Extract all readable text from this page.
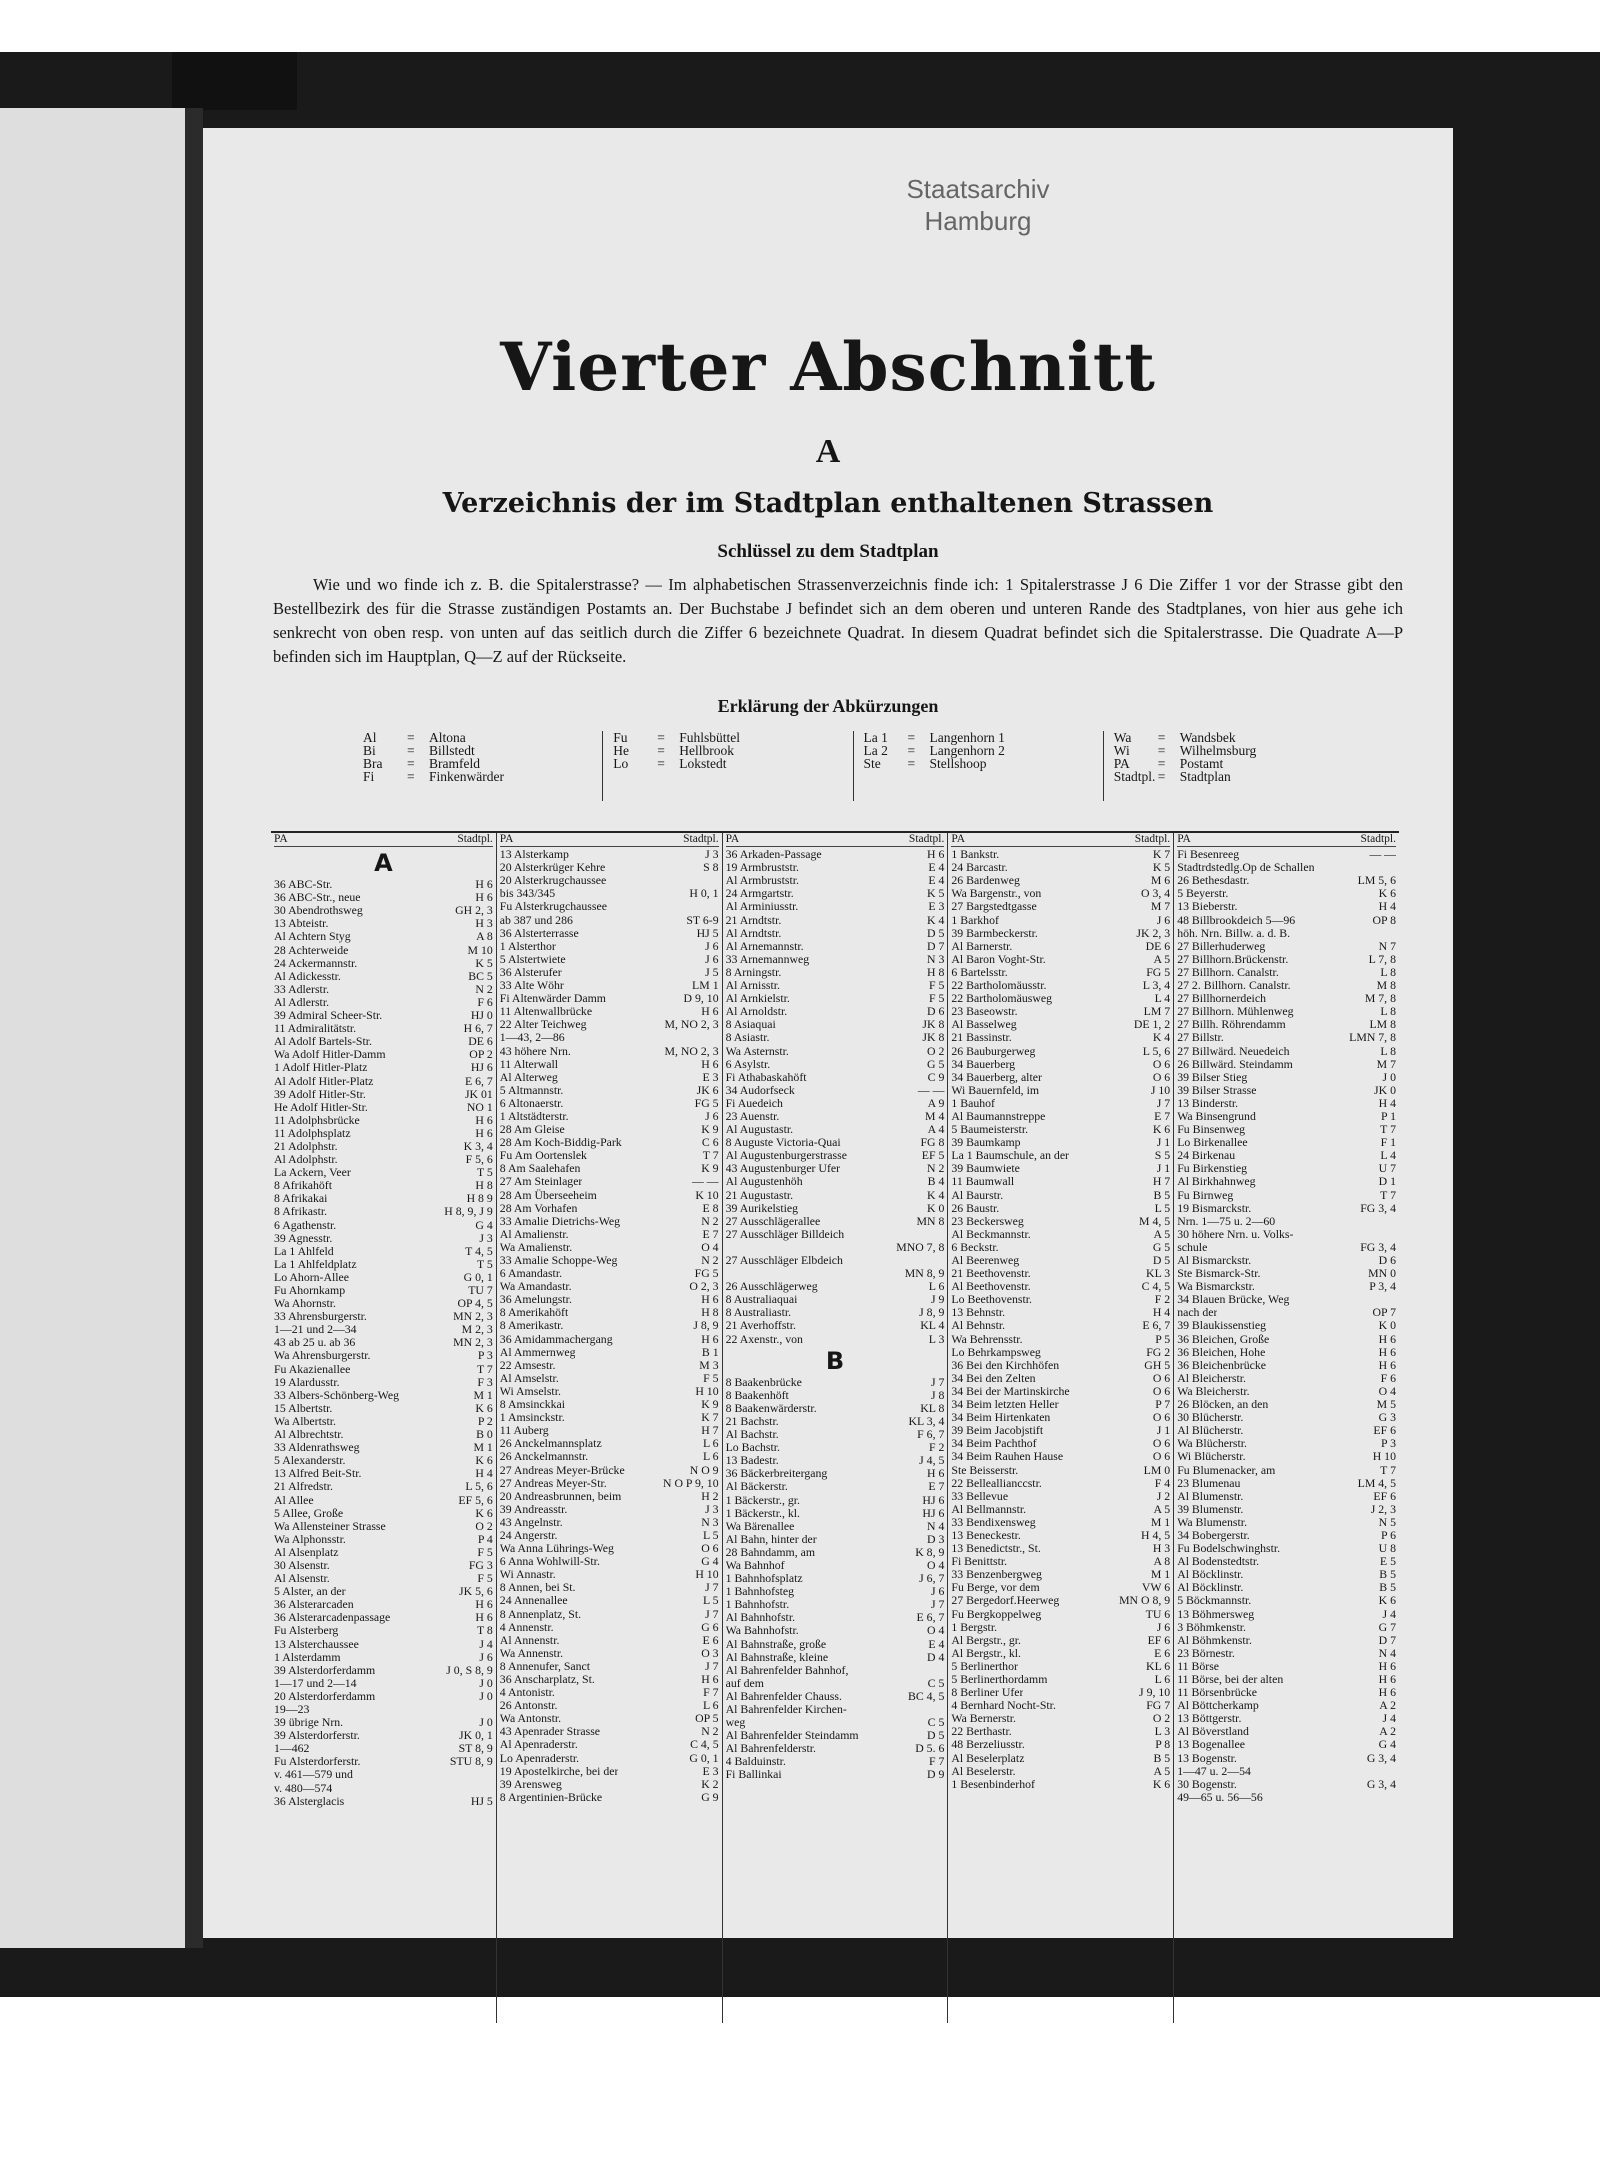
Staatsarchiv
Hamburg
Vierter Abschnitt
A
Verzeichnis der im Stadtplan enthaltenen Strassen
Schlüssel zu dem Stadtplan

Wie und wo finde ich z. B. die Spitalerstrasse? — Im alphabetischen Strassenverzeichnis finde ich: 1 Spitalerstrasse J 6 Die Ziffer 1 vor der Strasse gibt den Bestellbezirk des für die Strasse zuständigen Postamts an. Der Buchstabe J befindet sich an dem oberen und unteren Rande des Stadtplanes, von hier aus gehe ich senkrecht von oben resp. von unten auf das seitlich durch die Ziffer 6 bezeichnete Quadrat. In diesem Quadrat befindet sich die Spitalerstrasse. Die Quadrate A—P befinden sich im Hauptplan, Q—Z auf der Rückseite.

Erklärung der Abkürzungen
Al	=	Altona
Bi	=	Billstedt
Bra	=	Bramfeld
Fi	=	Finkenwärder
Fu	=	Fuhlsbüttel
He	=	Hellbrook
Lo	=	Lokstedt
La 1	=	Langenhorn 1
La 2	=	Langenhorn 2
Ste	=	Stellshoop
Wa	=	Wandsbek
Wi	=	Wilhelmsburg
PA	=	Postamt
Stadtpl. =	Stadtplan
PA	Stadtpl.
A
36 ABC-Str.	H 6
36 ABC-Str., neue	H 6
30 Abendrothsweg	GH 2, 3
13 Abteistr.	H 3
Al Achtern Styg	A 8
28 Achterweide	M 10
24 Ackermannstr.	K 5
Al Adickesstr.	BC 5
33 Adlerstr.	N 2
Al Adlerstr.	F 6
39 Admiral Scheer-Str.	HJ 0
11 Admiralitätstr.	H 6, 7
Al Adolf Bartels-Str.	DE 6
Wa Adolf Hitler-Damm	OP 2
1 Adolf Hitler-Platz	HJ 6
Al Adolf Hitler-Platz	E 6, 7
39 Adolf Hitler-Str.	JK 01
He Adolf Hitler-Str.	NO 1
11 Adolphsbrücke	H 6
11 Adolphsplatz	H 6
21 Adolphstr.	K 3, 4
Al Adolphstr.	F 5, 6
La Ackern, Veer	T 5
8 Afrikahöft	H 8
8 Afrikakai	H 8 9
8 Afrikastr.	H 8, 9, J 9
6 Agathenstr.	G 4
39 Agnesstr.	J 3
La 1 Ahlfeld	T 4, 5
La 1 Ahlfeldplatz	T 5
Lo Ahorn-Allee	G 0, 1
Fu Ahornkamp	TU 7
Wa Ahornstr.	OP 4, 5
33 Ahrensburgerstr.	MN 2, 3
1—21 und 2—34	M 2, 3
43 ab 25 u. ab 36	MN 2, 3
Wa Ahrensburgerstr.	P 3
Fu Akazienallee	T 7
19 Alardusstr.	F 3
33 Albers-Schönberg-Weg	M 1
15 Albertstr.	K 6
Wa Albertstr.	P 2
Al Albrechtstr.	B 0
33 Aldenrathsweg	M 1
5 Alexanderstr.	K 6
13 Alfred Beit-Str.	H 4
21 Alfredstr.	L 5, 6
Al Allee	EF 5, 6
5 Allee, Große	K 6
Wa Allensteiner Strasse	O 2
Wa Alphonsstr.	P 4
Al Alsenplatz	F 5
30 Alsenstr.	FG 3
Al Alsenstr.	F 5
5 Alster, an der	JK 5, 6
36 Alsterarcaden	H 6
36 Alsterarcadenpassage	H 6
Fu Alsterberg	T 8
13 Alsterchaussee	J 4
1 Alsterdamm	J 6
39 Alsterdorferdamm	J 0, S 8, 9
1—17 und 2—14	J 0
20 Alsterdorferdamm	J 0
19—23
39 übrige Nrn.	J 0
39 Alsterdorferstr.	JK 0, 1
1—462	ST 8, 9
Fu Alsterdorferstr.	STU 8, 9
v. 461—579 und
v. 480—574
36 Alsterglacis	HJ 5
PA	Stadtpl.
13 Alsterkamp	J 3
20 Alsterkrüger Kehre	S 8
20 Alsterkrugchaussee
bis 343/345	H 0, 1
Fu Alsterkrugchaussee
ab 387 und 286	ST 6-9
36 Alsterterrasse	HJ 5
1 Alsterthor	J 6
5 Alstertwiete	J 6
36 Alsterufer	J 5
33 Alte Wöhr	LM 1
Fi Altenwärder Damm	D 9, 10
11 Altenwallbrücke	H 6
22 Alter Teichweg	M, NO 2, 3
1—43, 2—86
43 höhere Nrn.	M, NO 2, 3
11 Alterwall	H 6
Al Alterweg	E 3
5 Altmannstr.	JK 6
6 Altonaerstr.	FG 5
1 Altstädterstr.	J 6
28 Am Gleise	K 9
28 Am Koch-Biddig-Park	C 6
Fu Am Oortenslek	T 7
8 Am Saalehafen	K 9
27 Am Steinlager	— —
28 Am Überseeheim	K 10
28 Am Vorhafen	E 8
33 Amalie Dietrichs-Weg	N 2
Al Amalienstr.	E 7
Wa Amalienstr.	O 4
33 Amalie Schoppe-Weg	N 2
6 Amandastr.	FG 5
Wa Amandastr.	O 2, 3
36 Amelungstr.	H 6
8 Amerikahöft	H 8
8 Amerikastr.	J 8, 9
36 Amidammachergang	H 6
Al Ammernweg	B 1
22 Amsestr.	M 3
Al Amselstr.	F 5
Wi Amselstr.	H 10
8 Amsinckkai	K 9
1 Amsinckstr.	K 7
11 Auberg	H 7
26 Anckelmannsplatz	L 6
26 Anckelmannstr.	L 6
27 Andreas Meyer-Brücke	N O 9
27 Andreas Meyer-Str.	N O P 9, 10
20 Andreasbrunnen, beim	H 2
39 Andreasstr.	J 3
43 Angelnstr.	N 3
24 Angerstr.	L 5
Wa Anna Lührings-Weg	O 6
6 Anna Wohlwill-Str.	G 4
Wi Annastr.	H 10
8 Annen, bei St.	J 7
24 Annenallee	L 5
8 Annenplatz, St.	J 7
4 Annenstr.	G 6
Al Annenstr.	E 6
Wa Annenstr.	O 3
8 Annenufer, Sanct	J 7
36 Anscharplatz, St.	H 6
4 Antonistr.	F 7
26 Antonstr.	L 6
Wa Antonstr.	OP 5
43 Apenrader Strasse	N 2
Al Apenraderstr.	C 4, 5
Lo Apenraderstr.	G 0, 1
19 Apostelkirche, bei der	E 3
39 Arensweg	K 2
8 Argentinien-Brücke	G 9
PA	Stadtpl.
36 Arkaden-Passage	H 6
19 Armbruststr.	E 4
Al Armbruststr.	E 4
24 Armgartstr.	K 5
Al Arminiusstr.	E 3
21 Arndtstr.	K 4
Al Arndtstr.	D 5
Al Arnemannstr.	D 7
33 Arnemannweg	N 3
8 Arningstr.	H 8
Al Arnisstr.	F 5
Al Arnkielstr.	F 5
Al Arnoldstr.	D 6
8 Asiaquai	JK 8
8 Asiastr.	JK 8
Wa Asternstr.	O 2
6 Asylstr.	G 5
Fi Athabaskahöft	C 9
34 Audorfseck	— —
Fi Auedeich	A 9
23 Auenstr.	M 4
Al Augustastr.	A 4
8 Auguste Victoria-Quai	FG 8
Al Augustenburgerstrasse	EF 5
43 Augustenburger Ufer	N 2
Al Augustenhöh	B 4
21 Augustastr.	K 4
39 Aurikelstieg	K 0
27 Ausschlägerallee	MN 8
27 Ausschläger Billdeich
MNO 7, 8
27 Ausschläger Elbdeich
MN 8, 9
26 Ausschlägerweg	L 6
8 Australiaquai	J 9
8 Australiastr.	J 8, 9
21 Averhoffstr.	KL 4
22 Axenstr., von	L 3
B
8 Baakenbrücke	J 7
8 Baakenhöft	J 8
8 Baakenwärderstr.	KL 8
21 Bachstr.	KL 3, 4
Al Bachstr.	F 6, 7
Lo Bachstr.	F 2
13 Badestr.	J 4, 5
36 Bäckerbreitergang	H 6
Al Bäckerstr.	E 7
1 Bäckerstr., gr.	HJ 6
1 Bäckerstr., kl.	HJ 6
Wa Bärenallee	N 4
Al Bahn, hinter der	D 3
28 Bahndamm, am	K 8, 9
Wa Bahnhof	O 4
1 Bahnhofsplatz	J 6, 7
1 Bahnhofsteg	J 6
1 Bahnhofstr.	J 7
Al Bahnhofstr.	E 6, 7
Wa Bahnhofstr.	O 4
Al Bahnstraße, große	E 4
Al Bahnstraße, kleine	D 4
Al Bahrenfelder Bahnhof,
auf dem	C 5
Al Bahrenfelder Chauss.	BC 4, 5
Al Bahrenfelder Kirchen-
weg	C 5
Al Bahrenfelder Steindamm	D 5
Al Bahrenfelderstr.	D 5. 6
4 Balduinstr.	F 7
Fi Ballinkai	D 9
PA	Stadtpl.
1 Bankstr.	K 7
24 Barcastr.	K 5
26 Bardenweg	M 6
Wa Bargenstr., von	O 3, 4
27 Bargstedtgasse	M 7
1 Barkhof	J 6
39 Barmbeckerstr.	JK 2, 3
Al Barnerstr.	DE 6
Al Baron Voght-Str.	A 5
6 Bartelsstr.	FG 5
22 Bartholomäusstr.	L 3, 4
22 Bartholomäusweg	L 4
23 Baseowstr.	LM 7
Al Basselweg	DE 1, 2
21 Bassinstr.	K 4
26 Bauburgerweg	L 5, 6
34 Bauerberg	O 6
34 Bauerberg, alter	O 6
Wi Bauernfeld, im	J 10
1 Bauhof	J 7
Al Baumannstreppe	E 7
5 Baumeisterstr.	K 6
39 Baumkamp	J 1
La 1 Baumschule, an der	S 5
39 Baumwiete	J 1
11 Baumwall	H 7
Al Baurstr.	B 5
26 Baustr.	L 5
23 Beckersweg	M 4, 5
Al Beckmannstr.	A 5
6 Beckstr.	G 5
Al Beerenweg	D 5
21 Beethovenstr.	KL 3
Al Beethovenstr.	C 4, 5
Lo Beethovenstr.	F 2
13 Behnstr.	H 4
Al Behnstr.	E 6, 7
Wa Behrensstr.	P 5
Lo Behrkampsweg	FG 2
36 Bei den Kirchhöfen	GH 5
34 Bei den Zelten	O 6
34 Bei der Martinskirche	O 6
34 Beim letzten Heller	P 7
34 Beim Hirtenkaten	O 6
39 Beim Jacobjstift	J 1
34 Beim Pachthof	O 6
34 Beim Rauhen Hause	O 6
Ste Beisserstr.	LM 0
22 Belleallianccstr.	F 4
33 Bellevue	J 2
Al Bellmannstr.	A 5
33 Bendixensweg	M 1
13 Beneckestr.	H 4, 5
13 Benedictstr., St.	H 3
Fi Benittstr.	A 8
33 Benzenbergweg	M 1
Fu Berge, vor dem	VW 6
27 Bergedorf.Heerweg	MN O 8, 9
Fu Bergkoppelweg	TU 6
1 Bergstr.	J 6
Al Bergstr., gr.	EF 6
Al Bergstr., kl.	E 6
5 Berlinerthor	KL 6
5 Berlinerthordamm	L 6
8 Berliner Ufer	J 9, 10
4 Bernhard Nocht-Str.	FG 7
Wa Bernerstr.	O 2
22 Berthastr.	L 3
48 Berzeliusstr.	P 8
Al Beselerplatz	B 5
Al Beselerstr.	A 5
1 Besenbinderhof	K 6
PA	Stadtpl.
Fi Besenreeg	— —
Stadtrdstedlg.Op de Schallen
26 Bethesdastr.	LM 5, 6
5 Beyerstr.	K 6
13 Bieberstr.	H 4
48 Billbrookdeich 5—96	OP 8
höh. Nrn. Billw. a. d. B.
27 Billerhuderweg	N 7
27 Billhorn.Brückenstr.	L 7, 8
27 Billhorn. Canalstr.	L 8
27 2. Billhorn. Canalstr.	M 8
27 Billhornerdeich	M 7, 8
27 Billhorn. Mühlenweg	L 8
27 Billh. Röhrendamm	LM 8
27 Billstr.	LMN 7, 8
27 Billwärd. Neuedeich	L 8
26 Billwärd. Steindamm	M 7
39 Bilser Stieg	J 0
39 Bilser Strasse	JK 0
13 Binderstr.	H 4
Wa Binsengrund	P 1
Fu Binsenweg	T 7
Lo Birkenallee	F 1
24 Birkenau	L 4
Fu Birkenstieg	U 7
Al Birkhahnweg	D 1
Fu Birnweg	T 7
19 Bismarckstr.	FG 3, 4
Nrn. 1—75 u. 2—60
30 höhere Nrn. u. Volks-
schule	FG 3, 4
Al Bismarckstr.	D 6
Ste Bismarck-Str.	MN 0
Wa Bismarckstr.	P 3, 4
34 Blauen Brücke, Weg
nach der	OP 7
39 Blaukissenstieg	K 0
36 Bleichen, Große	H 6
36 Bleichen, Hohe	H 6
36 Bleichenbrücke	H 6
Al Bleicherstr.	F 6
Wa Bleicherstr.	O 4
26 Blöcken, an den	M 5
30 Blücherstr.	G 3
Al Blücherstr.	EF 6
Wa Blücherstr.	P 3
Wi Blücherstr.	H 10
Fu Blumenacker, am	T 7
23 Blumenau	LM 4, 5
Al Blumenstr.	EF 6
39 Blumenstr.	J 2, 3
Wa Blumenstr.	N 5
34 Bobergerstr.	P 6
Fu Bodelschwinghstr.	U 8
Al Bodenstedtstr.	E 5
Al Böcklinstr.	B 5
Al Böcklinstr.	B 5
5 Böckmannstr.	K 6
13 Böhmersweg	J 4
3 Böhmkenstr.	G 7
Al Böhmkenstr.	D 7
23 Börnestr.	N 4
11 Börse	H 6
11 Börse, bei der alten	H 6
11 Börsenbrücke	H 6
Al Böttcherkamp	A 2
13 Böttgerstr.	J 4
Al Böverstland	A 2
13 Bogenallee	G 4
13 Bogenstr.	G 3, 4
1—47 u. 2—54
30 Bogenstr.	G 3, 4
49—65 u. 56—56
